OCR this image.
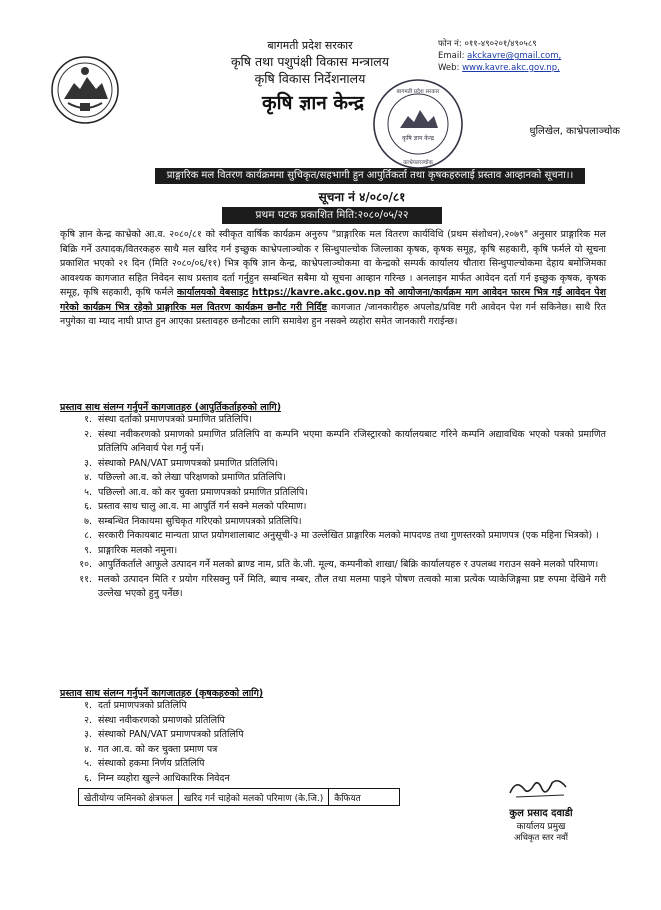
बागमती प्रदेश सरकार
कृषि तथा पशुपंक्षी विकास मन्त्रालय
कृषि विकास निर्देशनालय
कृषि ज्ञान केन्द्र
धुलिखेल, काभ्रेपलाञ्चोक
फोन नं: ०११-४९०२०१/४९०५८९
Email: akckavre@gmail.com,
Web: www.kavre.akc.gov.np,
कृषि ज्ञान केन्द्र
बागमती प्रदेश सरकार
काभ्रेपलाञ्चोक
प्राङ्गारिक मल वितरण कार्यक्रममा सुचिकृत/सहभागी हुन आपुर्तिकर्ता तथा कृषकहरुलाई प्रस्ताव आव्हानको सूचना।।
सूचना नं ४/०८०/८१
प्रथम पटक प्रकाशित मिति:२०८०/०५/२२
कृषि ज्ञान केन्द्र काभ्रेको आ.व. २०८०/८१ को स्वीकृत वार्षिक कार्यक्रम अनुरुप "प्राङ्गारिक मल वितरण कार्यविधि (प्रथम संशोधन),२०७९" अनुसार प्राङ्गारिक मल बिक्रि गर्ने उत्पादक/वितरकहरु साथै मल खरिद गर्न इच्छुक काभ्रेपलाञ्चोक र सिन्धुपाल्चोक जिल्लाका कृषक, कृषक समूह, कृषि सहकारी, कृषि फर्मले यो सूचना प्रकाशित भएको २१ दिन (मिति २०८०/०६/११) भित्र कृषि ज्ञान केन्द्र, काभ्रेपलाञ्चोकमा वा केन्द्रको सम्पर्क कार्यालय चौतारा सिन्धुपाल्चोकमा देहाय बमोजिमका आवश्यक कागजात सहित निवेदन साथ प्रस्ताव दर्ता गर्नुहुन सम्बन्धित सबैमा यो सूचना आव्हान गरिन्छ । अनलाइन मार्फत आवेदन दर्ता गर्न इच्छुक कृषक, कृषक समूह, कृषि सहकारी, कृषि फर्मले कार्यालयको वेबसाइट https://kavre.akc.gov.np को आयोजना/कार्यक्रम माग आवेदन फारम भित्र गई आवेदन पेश गरेको कार्यक्रम भित्र रहेको प्राङ्गारिक मल वितरण कार्यक्रम छनौट गरी निर्दिष्ट कागजात /जानकारीहरु अपलोड/प्रविष्ट गरी आवेदन पेश गर्न सकिनेछ। साथै रित नपुगेका वा म्याद नाघी प्राप्त हुन आएका प्रस्तावहरु छनौटका लागि समावेश हुन नसक्ने व्यहोरा समेत जानकारी गराईन्छ।
प्रस्ताव साथ संलग्न गर्नुपर्ने कागजातहरु (आपुर्तिकर्ताहरुको लागि)
१. संस्था दर्ताको प्रमाणपत्रको प्रमाणित प्रतिलिपि।
२. संस्था नवीकरणको प्रमाणको प्रमाणित प्रतिलिपि वा कम्पनि भएमा कम्पनि रजिस्ट्रारको कार्यालयबाट गरिने कम्पनि अद्यावधिक भएको पत्रको प्रमाणित प्रतिलिपि अनिवार्य पेश गर्नु पर्ने।
३. संस्थाको PAN/VAT प्रमाणपत्रको प्रमाणित प्रतिलिपि।
४. पछिल्लो आ.व. को लेखा परिक्षणको प्रमाणित प्रतिलिपि।
५. पछिल्लो आ.व. को कर चुक्ता प्रमाणपत्रको प्रमाणित प्रतिलिपि।
६. प्रस्ताव साथ चालु आ.व. मा आपुर्ति गर्न सक्ने मलको परिमाण।
७. सम्बन्धित निकायमा सुचिकृत गरिएको प्रमाणपत्रको प्रतिलिपि।
८. सरकारी निकायबाट मान्यता प्राप्त प्रयोगशालाबाट अनुसूची-३ मा उल्लेखित प्राङ्गारिक मलको मापदण्ड तथा गुणस्तरको प्रमाणपत्र (एक महिना भित्रको) ।
९. प्राङ्गारिक मलको नमुना।
१०. आपुर्तिकर्ताले आफुले उत्पादन गर्ने मलको ब्राण्ड नाम, प्रति के.जी. मूल्य, कम्पनीको शाखा/ बिक्रि कार्यालयहरु र उपलब्ध गराउन सक्ने मलको परिमाण।
११. मलको उत्पादन मिति र प्रयोग गरिसक्नु पर्ने मिति, ब्याच नम्बर, तौल तथा मलमा पाइने पोषण तत्वको मात्रा प्रत्येक प्याकेजिङ्गमा प्रष्ट रुपमा देखिने गरी उल्लेख भएको हुनु पर्नेछ।
प्रस्ताव साथ संलग्न गर्नुपर्ने कागजातहरु (कृषकहरुको लागि)
१. दर्ता प्रमाणपत्रको प्रतिलिपि
२. संस्था नवीकरणको प्रमाणको प्रतिलिपि
३. संस्थाको PAN/VAT प्रमाणपत्रको प्रतिलिपि
४. गत आ.व. को कर चुक्ता प्रमाण पत्र
५. संस्थाको हकमा निर्णय प्रतिलिपि
६. निम्न व्यहोरा खुल्ने आधिकारिक निवेदन
खेतीयोग्य जमिनको क्षेत्रफल	खरिद गर्न चाहेको मलको परिमाण (के.जि.)	कैफियत
कुल प्रसाद दवाडी
कार्यालय प्रमुख
अधिकृत स्तर नवौं
